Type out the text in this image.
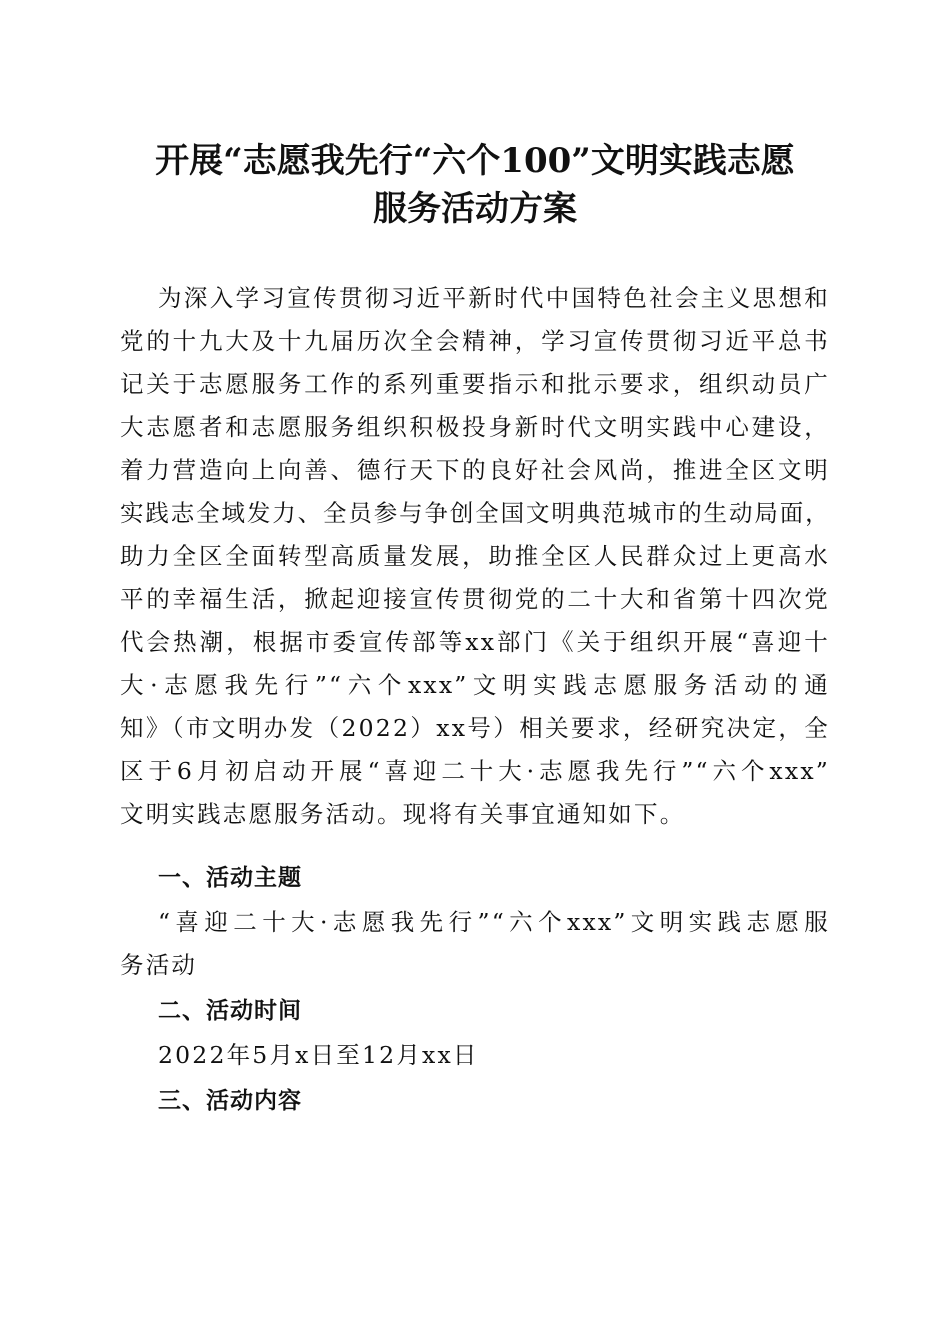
开展“志愿我先行“六个100”文明实践志愿
服务活动方案
为深入学习宣传贯彻习近平新时代中国特色社会主义思想和
党的十九大及十九届历次全会精神，学习宣传贯彻习近平总书
记关于志愿服务工作的系列重要指示和批示要求，组织动员广
大志愿者和志愿服务组织积极投身新时代文明实践中心建设，
着力营造向上向善、德行天下的良好社会风尚，推进全区文明
实践志全域发力、全员参与争创全国文明典范城市的生动局面，
助力全区全面转型高质量发展，助推全区人民群众过上更高水
平的幸福生活，掀起迎接宣传贯彻党的二十大和省第十四次党
代会热潮，根据市委宣传部等xx部门《关于组织开展“喜迎十
大·志愿我先行”“六个xxx”文明实践志愿服务活动的通
知》（市文明办发（2022）xx号）相关要求，经研究决定，全
区于6月初启动开展“喜迎二十大·志愿我先行”“六个xxx”
文明实践志愿服务活动。现将有关事宜通知如下。
一、活动主题
“喜迎二十大·志愿我先行”“六个xxx”文明实践志愿服
务活动
二、活动时间
2022年5月x日至12月xx日
三、活动内容
